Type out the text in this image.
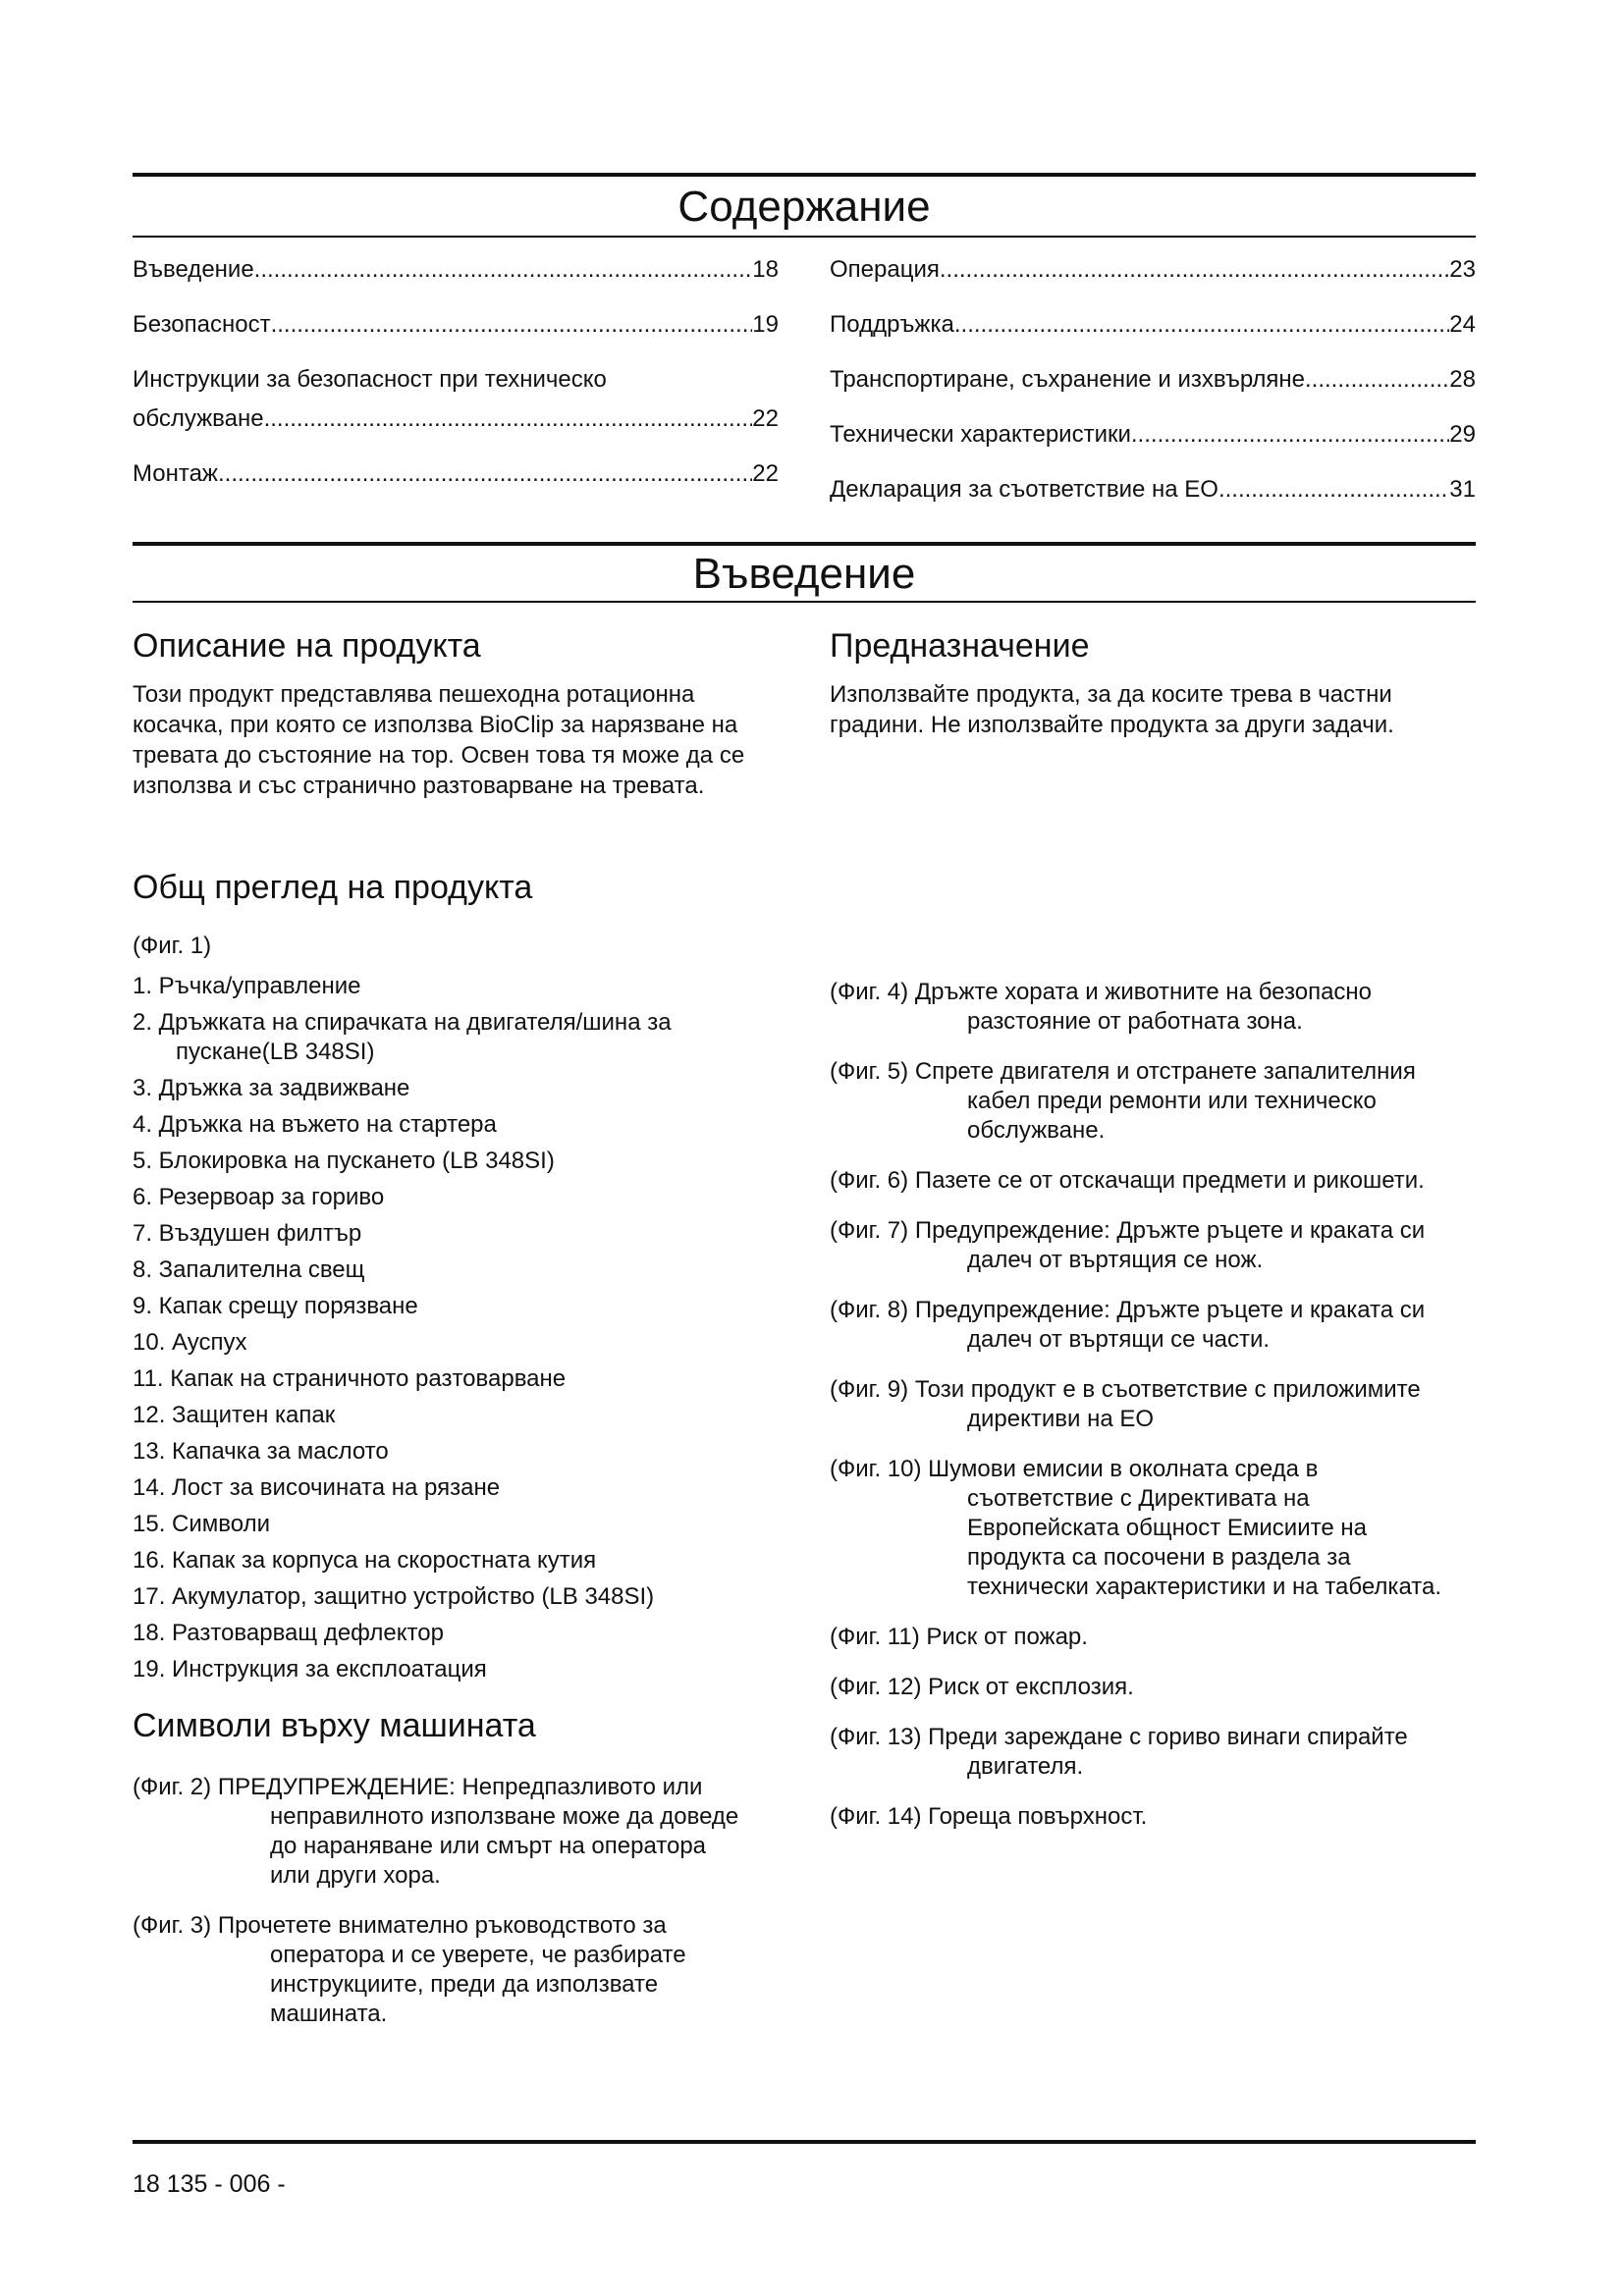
Содержание
Въведение .....	18
Безопасност .....	19
Инструкции за безопасност при техническо
обслужване .....	22
Монтаж .....	22
Операция .....	23
Поддръжка .....	24
Транспортиране, съхранение и изхвърляне .....	28
Технически характеристики .....	29
Декларация за съответствие на ЕО .....	31
Въведение
Описание на продукта

Този продукт представлява пешеходна ротационна косачка, при която се използва BioClip за нарязване на тревата до състояние на тор. Освен това тя може да се използва и със странично разтоварване на тревата.

Предназначение

Използвайте продукта, за да косите трева в частни градини. Не използвайте продукта за други задачи.

Общ преглед на продукта
(Фиг. 1)
1. Ръчка/управление
2. Дръжката на спирачката на двигателя/шина за пускане(LB 348SI)
3. Дръжка за задвижване
4. Дръжка на въжето на стартера
5. Блокировка на пускането (LB 348SI)
6. Резервоар за гориво
7. Въздушен филтър
8. Запалителна свещ
9. Капак срещу порязване
10. Ауспух
11. Капак на страничното разтоварване
12. Защитен капак
13. Капачка за маслото
14. Лост за височината на рязане
15. Символи
16. Капак за корпуса на скоростната кутия
17. Акумулатор, защитно устройство (LB 348SI)
18. Разтоварващ дефлектор
19. Инструкция за експлоатация
Символи върху машината
(Фиг. 2) ПРЕДУПРЕЖДЕНИЕ: Непредпазливото или неправилното използване може да доведе до нараняване или смърт на оператора или други хора.
(Фиг. 3) Прочетете внимателно ръководството за оператора и се уверете, че разбирате инструкциите, преди да използвате машината.
(Фиг. 4) Дръжте хората и животните на безопасно разстояние от работната зона.
(Фиг. 5) Спрете двигателя и отстранете запалителния кабел преди ремонти или техническо обслужване.
(Фиг. 6) Пазете се от отскачащи предмети и рикошети.
(Фиг. 7) Предупреждение: Дръжте ръцете и краката си далеч от въртящия се нож.
(Фиг. 8) Предупреждение: Дръжте ръцете и краката си далеч от въртящи се части.
(Фиг. 9) Този продукт е в съответствие с приложимите директиви на ЕО
(Фиг. 10) Шумови емисии в околната среда в съответствие с Директивата на Европейската общност Емисиите на продукта са посочени в раздела за технически характеристики и на табелката.
(Фиг. 11) Риск от пожар.
(Фиг. 12) Риск от експлозия.
(Фиг. 13) Преди зареждане с гориво винаги спирайте двигателя.
(Фиг. 14) Гореща повърхност.
18 135 - 006 -
